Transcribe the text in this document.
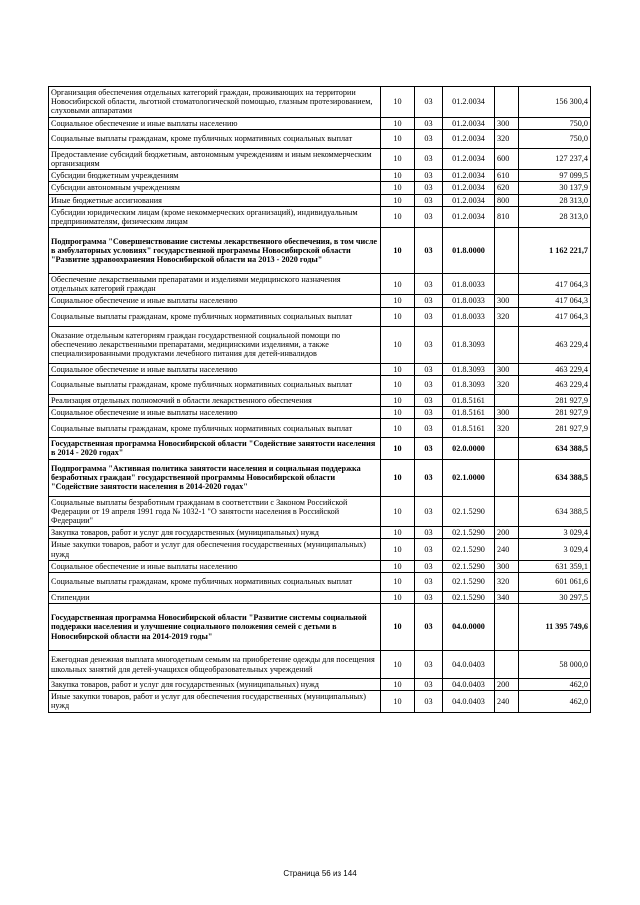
Организация обеспечения отдельных категорий граждан, проживающих на территории Новосибирской области, льготной стоматологической помощью, глазным протезированием, слуховыми аппаратами	10	03	01.2.0034		156 300,4
Социальное обеспечение и иные выплаты населению	10	03	01.2.0034	300	750,0
Социальные выплаты гражданам, кроме публичных нормативных социальных выплат	10	03	01.2.0034	320	750,0
Предоставление субсидий бюджетным, автономным учреждениям и иным некоммерческим организациям	10	03	01.2.0034	600	127 237,4
Субсидии бюджетным учреждениям	10	03	01.2.0034	610	97 099,5
Субсидии автономным учреждениям	10	03	01.2.0034	620	30 137,9
Иные бюджетные ассигнования	10	03	01.2.0034	800	28 313,0
Субсидии юридическим лицам (кроме некоммерческих организаций), индивидуальным предпринимателям, физическим лицам	10	03	01.2.0034	810	28 313,0
Подпрограмма "Совершенствование системы лекарственного обеспечения, в том числе в амбулаторных условиях" государственной программы Новосибирской области "Развитие здравоохранения Новосибирской области на 2013 - 2020 годы"	10	03	01.8.0000		1 162 221,7
Обеспечение лекарственными препаратами и изделиями медицинского назначения отдельных категорий граждан	10	03	01.8.0033		417 064,3
Социальное обеспечение и иные выплаты населению	10	03	01.8.0033	300	417 064,3
Социальные выплаты гражданам, кроме публичных нормативных социальных выплат	10	03	01.8.0033	320	417 064,3
Оказание отдельным категориям граждан государственной социальной помощи по обеспечению лекарственными препаратами, медицинскими изделиями, а также специализированными продуктами лечебного питания для детей-инвалидов	10	03	01.8.3093		463 229,4
Социальное обеспечение и иные выплаты населению	10	03	01.8.3093	300	463 229,4
Социальные выплаты гражданам, кроме публичных нормативных социальных выплат	10	03	01.8.3093	320	463 229,4
Реализация отдельных полномочий в области лекарственного обеспечения	10	03	01.8.5161		281 927,9
Социальное обеспечение и иные выплаты населению	10	03	01.8.5161	300	281 927,9
Социальные выплаты гражданам, кроме публичных нормативных социальных выплат	10	03	01.8.5161	320	281 927,9
Государственная программа Новосибирской области "Содействие занятости населения в 2014 - 2020 годах"	10	03	02.0.0000		634 388,5
Подпрограмма "Активная политика занятости населения и социальная поддержка безработных граждан" государственной программы Новосибирской области "Содействие занятости населения в 2014-2020 годах"	10	03	02.1.0000		634 388,5
Социальные выплаты безработным гражданам в соответствии с Законом Российской Федерации от 19 апреля 1991 года № 1032-1 "О занятости населения в Российской Федерации"	10	03	02.1.5290		634 388,5
Закупка товаров, работ и услуг для государственных (муниципальных) нужд	10	03	02.1.5290	200	3 029,4
Иные закупки товаров, работ и услуг для обеспечения государственных (муниципальных) нужд	10	03	02.1.5290	240	3 029,4
Социальное обеспечение и иные выплаты населению	10	03	02.1.5290	300	631 359,1
Социальные выплаты гражданам, кроме публичных нормативных социальных выплат	10	03	02.1.5290	320	601 061,6
Стипендии	10	03	02.1.5290	340	30 297,5
Государственная программа Новосибирской области "Развитие системы социальной поддержки населения и улучшение социального положения семей с детьми в Новосибирской области на 2014-2019 годы"	10	03	04.0.0000		11 395 749,6
Ежегодная денежная выплата многодетным семьям на приобретение одежды для посещения школьных занятий для детей-учащихся общеобразовательных учреждений	10	03	04.0.0403		58 000,0
Закупка товаров, работ и услуг для государственных (муниципальных) нужд	10	03	04.0.0403	200	462,0
Иные закупки товаров, работ и услуг для обеспечения государственных (муниципальных) нужд	10	03	04.0.0403	240	462,0
Страница 56 из 144
